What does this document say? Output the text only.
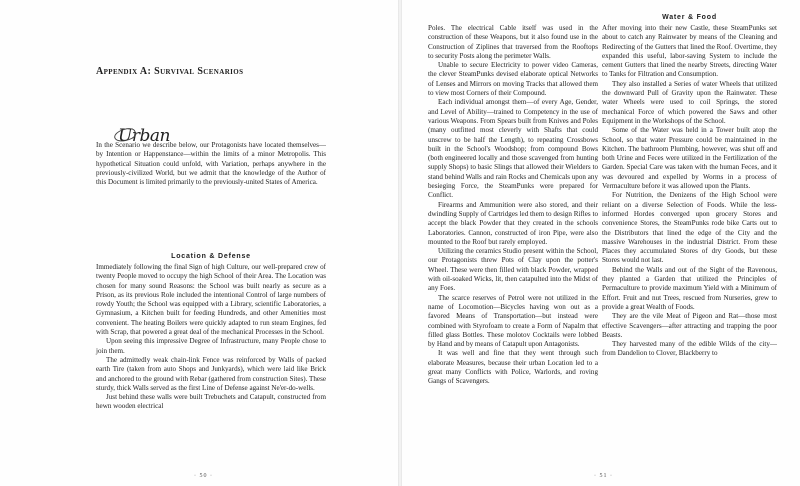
Appendix A: Survival Scenarios
Urban

In the Scenario we describe below, our Protagonists have located themselves—by Intention or Happenstance—within the limits of a minor Metropolis. This hypothetical Situation could unfold, with Variation, perhaps anywhere in the previously-civilized World, but we admit that the knowledge of the Author of this Document is limited primarily to the previously-united States of America.

Location & Defense

Immediately following the final Sign of high Culture, our well-prepared crew of twenty People moved to occupy the high School of their Area. The Location was chosen for many sound Reasons: the School was built nearly as secure as a Prison, as its previous Role included the intentional Control of large numbers of rowdy Youth; the School was equipped with a Library, scientific Laboratories, a Gymnasium, a Kitchen built for feeding Hundreds, and other Amenities most convenient. The heating Boilers were quickly adapted to run steam Engines, fed with Scrap, that powered a great deal of the mechanical Processes in the School.

Upon seeing this impressive Degree of Infrastructure, many People chose to join them.

The admittedly weak chain-link Fence was reinforced by Walls of packed earth Tire (taken from auto Shops and Junkyards), which were laid like Brick and anchored to the ground with Rebar (gathered from construction Sites). These sturdy, thick Walls served as the first Line of Defense against Ne'er-do-wells.

Just behind these walls were built Trebuchets and Catapult, constructed from hewn wooden electrical

· 50 ·

Poles. The electrical Cable itself was used in the construction of these Weapons, but it also found use in the Construction of Ziplines that traversed from the Rooftops to security Posts along the perimeter Walls.

Unable to secure Electricity to power video Cameras, the clever SteamPunks devised elaborate optical Networks of Lenses and Mirrors on moving Tracks that allowed them to view most Corners of their Compound.

Each individual amongst them—of every Age, Gender, and Level of Ability—trained to Competency in the use of various Weapons. From Spears built from Knives and Poles (many outfitted most cleverly with Shafts that could unscrew to be half the Length), to repeating Crossbows built in the School's Woodshop; from compound Bows (both engineered locally and those scavenged from hunting supply Shops) to basic Slings that allowed their Wielders to stand behind Walls and rain Rocks and Chemicals upon any besieging Force, the SteamPunks were prepared for Conflict.

Firearms and Ammunition were also stored, and their dwindling Supply of Cartridges led them to design Rifles to accept the black Powder that they created in the schools Laboratories. Cannon, constructed of iron Pipe, were also mounted to the Roof but rarely employed.

Utilizing the ceramics Studio present within the School, our Protagonists threw Pots of Clay upon the potter's Wheel. These were then filled with black Powder, wrapped with oil-soaked Wicks, lit, then catapulted into the Midst of any Foes.

The scarce reserves of Petrol were not utilized in the name of Locomotion—Bicycles having won out as a favored Means of Transportation—but instead were combined with Styrofoam to create a Form of Napalm that filled glass Bottles. These molotov Cocktails were lobbed by Hand and by means of Catapult upon Antagonists.

It was well and fine that they went through such elaborate Measures, because their urban Location led to a great many Conflicts with Police, Warlords, and roving Gangs of Scavengers.

Water & Food

After moving into their new Castle, these SteamPunks set about to catch any Rainwater by means of the Cleaning and Redirecting of the Gutters that lined the Roof. Overtime, they expanded this useful, labor-saving System to include the cement Gutters that lined the nearby Streets, directing Water to Tanks for Filtration and Consumption.

They also installed a Series of water Wheels that utilized the downward Pull of Gravity upon the Rainwater. These water Wheels were used to coil Springs, the stored mechanical Force of which powered the Saws and other Equipment in the Workshops of the School.

Some of the Water was held in a Tower built atop the School, so that water Pressure could be maintained in the Kitchen. The bathroom Plumbing, however, was shut off and both Urine and Feces were utilized in the Fertilization of the Garden. Special Care was taken with the human Feces, and it was devoured and expelled by Worms in a process of Vermaculture before it was allowed upon the Plants.

For Nutrition, the Denizens of the High School were reliant on a diverse Selection of Foods. While the less-informed Hordes converged upon grocery Stores and convenience Stores, the SteamPunks rode bike Carts out to the Distributors that lined the edge of the City and the massive Warehouses in the industrial District. From these Places they accumulated Stores of dry Goods, but these Stores would not last.

Behind the Walls and out of the Sight of the Ravenous, they planted a Garden that utilized the Principles of Permaculture to provide maximum Yield with a Minimum of Effort. Fruit and nut Trees, rescued from Nurseries, grew to provide a great Wealth of Foods.

They are the vile Meat of Pigeon and Rat—those most effective Scavengers—after attracting and trapping the poor Beasts.

They harvested many of the edible Wilds of the city—from Dandelion to Clover, Blackberry to

· 51 ·
